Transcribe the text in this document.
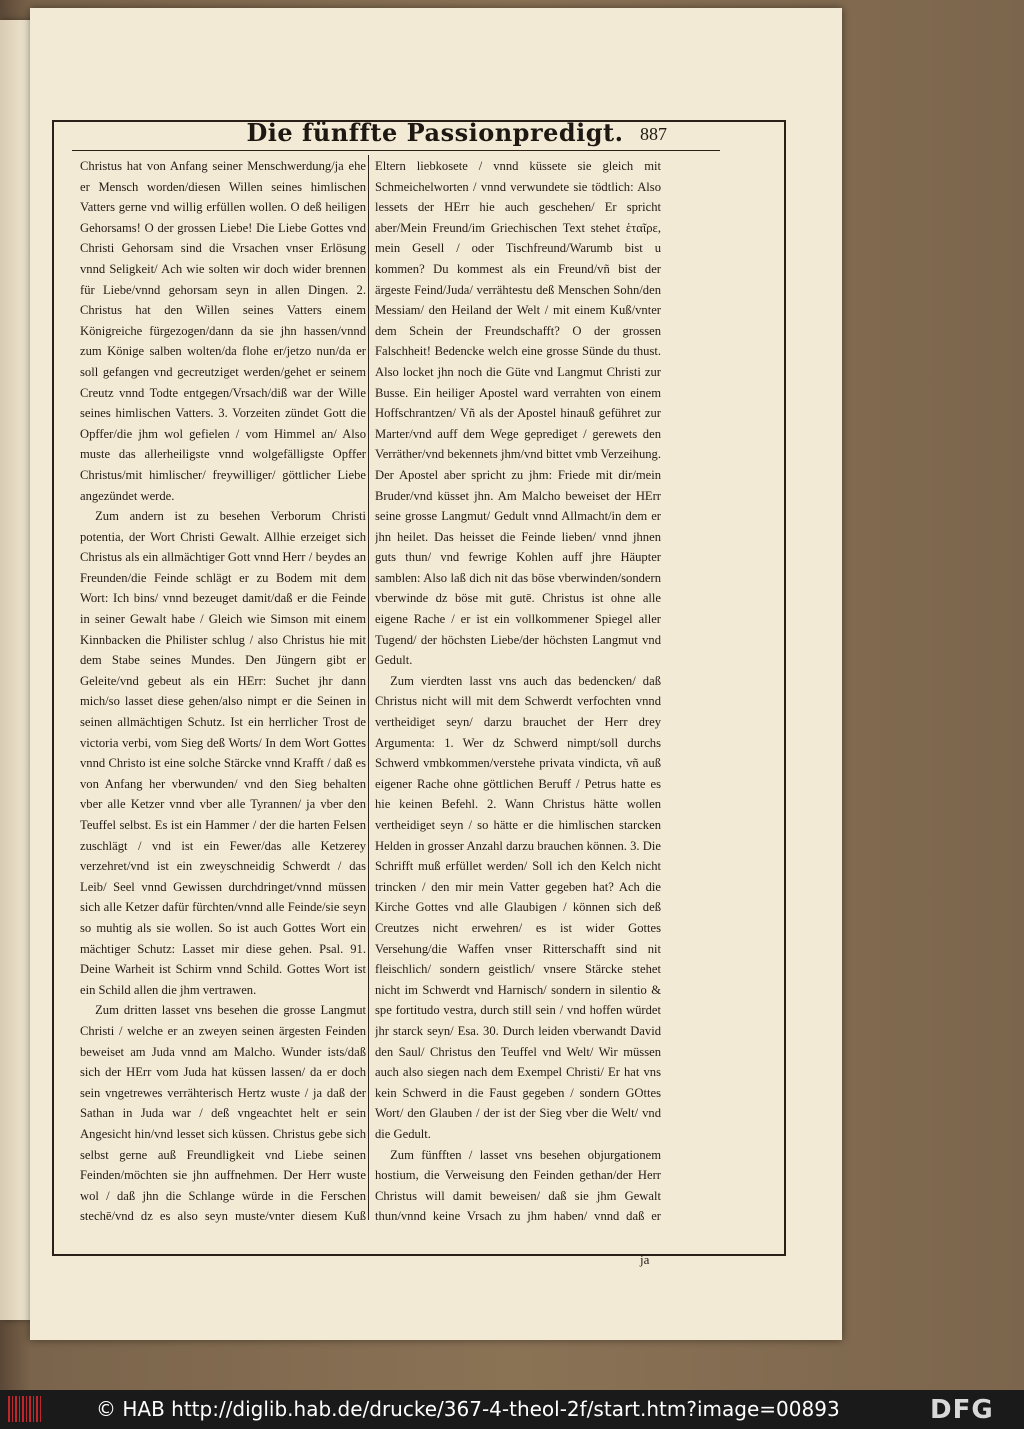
Die fünffte Passionpredigt. 887

Christus hat von Anfang seiner Menschwerdung/ja ehe er Mensch worden/diesen Willen seines himlischen Vatters gerne vnd willig erfüllen wollen. O deß heiligen Gehorsams! O der grossen Liebe! Die Liebe Gottes vnd Christi Gehorsam sind die Vrsachen vnser Erlösung vnnd Seligkeit/ Ach wie solten wir doch wider brennen für Liebe/vnnd gehorsam seyn in allen Dingen. 2. Christus hat den Willen seines Vatters einem Königreiche fürgezogen/dann da sie jhn hassen/vnnd zum Könige salben wolten/da flohe er/jetzo nun/da er soll gefangen vnd gecreutziget werden/gehet er seinem Creutz vnnd Todte entgegen/Vrsach/diß war der Wille seines himlischen Vatters. 3. Vorzeiten zündet Gott die Opffer/die jhm wol gefielen / vom Himmel an/ Also muste das allerheiligste vnnd wolgefälligste Opffer Christus/mit himlischer/ freywilliger/ göttlicher Liebe angezündet werde.

Zum andern ist zu besehen Verborum Christi potentia, der Wort Christi Gewalt. Allhie erzeiget sich Christus als ein allmächtiger Gott vnnd Herr / beydes an Freunden/die Feinde schlägt er zu Bodem mit dem Wort: Ich bins/ vnnd bezeuget damit/daß er die Feinde in seiner Gewalt habe / Gleich wie Simson mit einem Kinnbacken die Philister schlug / also Christus hie mit dem Stabe seines Mundes. Den Jüngern gibt er Geleite/vnd gebeut als ein HErr: Suchet jhr dann mich/so lasset diese gehen/also nimpt er die Seinen in seinen allmächtigen Schutz. Ist ein herrlicher Trost de victoria verbi, vom Sieg deß Worts/ In dem Wort Gottes vnnd Christo ist eine solche Stärcke vnnd Krafft / daß es von Anfang her vberwunden/ vnd den Sieg behalten vber alle Ketzer vnnd vber alle Tyrannen/ ja vber den Teuffel selbst. Es ist ein Hammer / der die harten Felsen zuschlägt / vnd ist ein Fewer/das alle Ketzerey verzehret/vnd ist ein zweyschneidig Schwerdt / das Leib/ Seel vnnd Gewissen durchdringet/vnnd müssen sich alle Ketzer dafür fürchten/vnnd alle Feinde/sie seyn so muhtig als sie wollen. So ist auch Gottes Wort ein mächtiger Schutz: Lasset mir diese gehen. Psal. 91. Deine Warheit ist Schirm vnnd Schild. Gottes Wort ist ein Schild allen die jhm vertrawen.

Zum dritten lasset vns besehen die grosse Langmut Christi / welche er an zweyen seinen ärgesten Feinden beweiset am Juda vnnd am Malcho. Wunder ists/daß sich der HErr vom Juda hat küssen lassen/ da er doch sein vngetrewes verrähterisch Hertz wuste / ja daß der Sathan in Juda war / deß vngeachtet helt er sein Angesicht hin/vnd lesset sich küssen. Christus gebe sich selbst gerne auß Freundligkeit vnd Liebe seinen Feinden/möchten sie jhn auffnehmen. Der Herr wuste wol / daß jhn die Schlange würde in die Ferschen stechē/vnd dz es also seyn muste/vnter diesem Kuß

Eltern liebkosete / vnnd küssete sie gleich mit Schmeichelworten / vnnd verwundete sie tödtlich: Also lessets der HErr hie auch geschehen/ Er spricht aber/Mein Freund/im Griechischen Text stehet ἑταῖρε, mein Gesell / oder Tischfreund/Warumb bist u kommen? Du kommest als ein Freund/vñ bist der ärgeste Feind/Juda/ verrähtestu deß Menschen Sohn/den Messiam/ den Heiland der Welt / mit einem Kuß/vnter dem Schein der Freundschafft? O der grossen Falschheit! Bedencke welch eine grosse Sünde du thust. Also locket jhn noch die Güte vnd Langmut Christi zur Busse. Ein heiliger Apostel ward verrahten von einem Hoffschrantzen/ Vñ als der Apostel hinauß geführet zur Marter/vnd auff dem Wege geprediget / gerewets den Verräther/vnd bekennets jhm/vnd bittet vmb Verzeihung. Der Apostel aber spricht zu jhm: Friede mit dir/mein Bruder/vnd küsset jhn. Am Malcho beweiset der HErr seine grosse Langmut/ Gedult vnnd Allmacht/in dem er jhn heilet. Das heisset die Feinde lieben/ vnnd jhnen guts thun/ vnd fewrige Kohlen auff jhre Häupter samblen: Also laß dich nit das böse vberwinden/sondern vberwinde dz böse mit gutē. Christus ist ohne alle eigene Rache / er ist ein vollkommener Spiegel aller Tugend/ der höchsten Liebe/der höchsten Langmut vnd Gedult.

Zum vierdten lasst vns auch das bedencken/ daß Christus nicht will mit dem Schwerdt verfochten vnnd vertheidiget seyn/ darzu brauchet der Herr drey Argumenta: 1. Wer dz Schwerd nimpt/soll durchs Schwerd vmbkommen/verstehe privata vindicta, vñ auß eigener Rache ohne göttlichen Beruff / Petrus hatte es hie keinen Befehl. 2. Wann Christus hätte wollen vertheidiget seyn / so hätte er die himlischen starcken Helden in grosser Anzahl darzu brauchen können. 3. Die Schrifft muß erfüllet werden/ Soll ich den Kelch nicht trincken / den mir mein Vatter gegeben hat? Ach die Kirche Gottes vnd alle Glaubigen / können sich deß Creutzes nicht erwehren/ es ist wider Gottes Versehung/die Waffen vnser Ritterschafft sind nit fleischlich/ sondern geistlich/ vnsere Stärcke stehet nicht im Schwerdt vnd Harnisch/ sondern in silentio & spe fortitudo vestra, durch still sein / vnd hoffen würdet jhr starck seyn/ Esa. 30. Durch leiden vberwandt David den Saul/ Christus den Teuffel vnd Welt/ Wir müssen auch also siegen nach dem Exempel Christi/ Er hat vns kein Schwerd in die Faust gegeben / sondern GOttes Wort/ den Glauben / der ist der Sieg vber die Welt/ vnd die Gedult.

Zum fünfften / lasset vns besehen objurgationem hostium, die Verweisung den Feinden gethan/der Herr Christus will damit beweisen/ daß sie jhm Gewalt thun/vnnd keine Vrsach zu jhm haben/ vnnd daß er

ja
© HAB http://diglib.hab.de/drucke/367-4-theol-2f/start.htm?image=00893	DFG
